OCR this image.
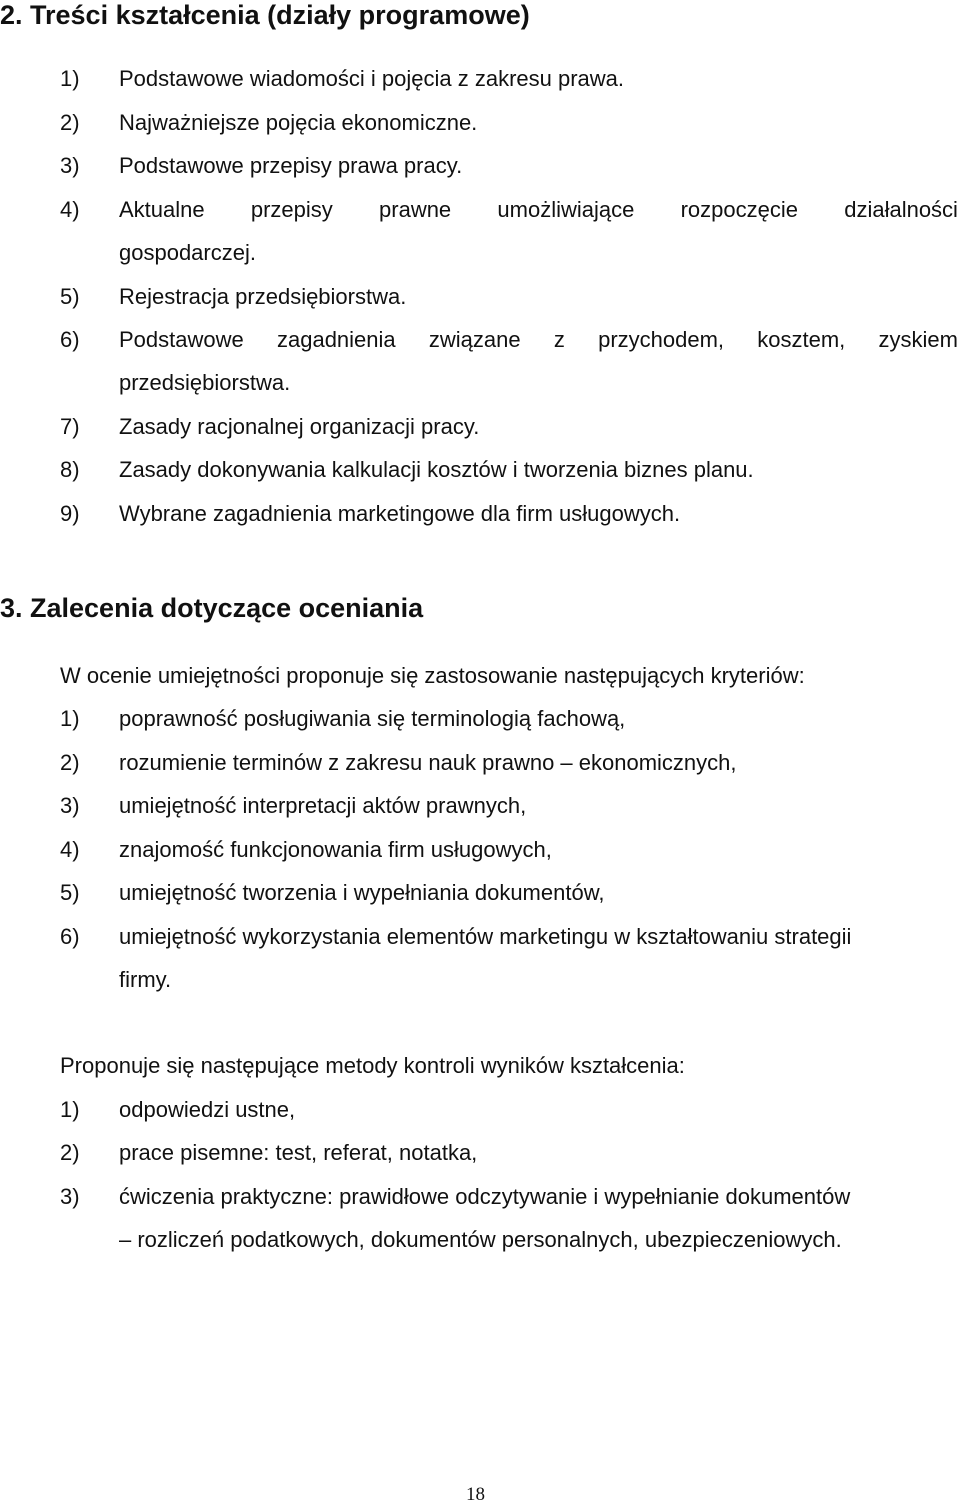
2. Treści kształcenia (działy programowe)
1) Podstawowe wiadomości i pojęcia z zakresu prawa.
2) Najważniejsze pojęcia ekonomiczne.
3) Podstawowe przepisy prawa pracy.
4) Aktualne przepisy prawne umożliwiające rozpoczęcie działalności
gospodarczej.
5) Rejestracja przedsiębiorstwa.
6) Podstawowe zagadnienia związane z przychodem, kosztem, zyskiem
przedsiębiorstwa.
7) Zasady racjonalnej organizacji pracy.
8) Zasady dokonywania kalkulacji kosztów i tworzenia biznes planu.
9) Wybrane zagadnienia marketingowe dla firm usługowych.
3. Zalecenia dotyczące oceniania
W ocenie umiejętności proponuje się zastosowanie następujących kryteriów:
1) poprawność posługiwania się terminologią fachową,
2) rozumienie terminów z zakresu nauk prawno – ekonomicznych,
3) umiejętność interpretacji aktów prawnych,
4) znajomość funkcjonowania firm usługowych,
5) umiejętność tworzenia i wypełniania dokumentów,
6) umiejętność wykorzystania elementów marketingu w kształtowaniu strategii
firmy.
Proponuje się następujące metody kontroli wyników kształcenia:
1) odpowiedzi ustne,
2) prace pisemne: test, referat, notatka,
3) ćwiczenia praktyczne: prawidłowe odczytywanie i wypełnianie dokumentów
– rozliczeń podatkowych, dokumentów personalnych, ubezpieczeniowych.
18
